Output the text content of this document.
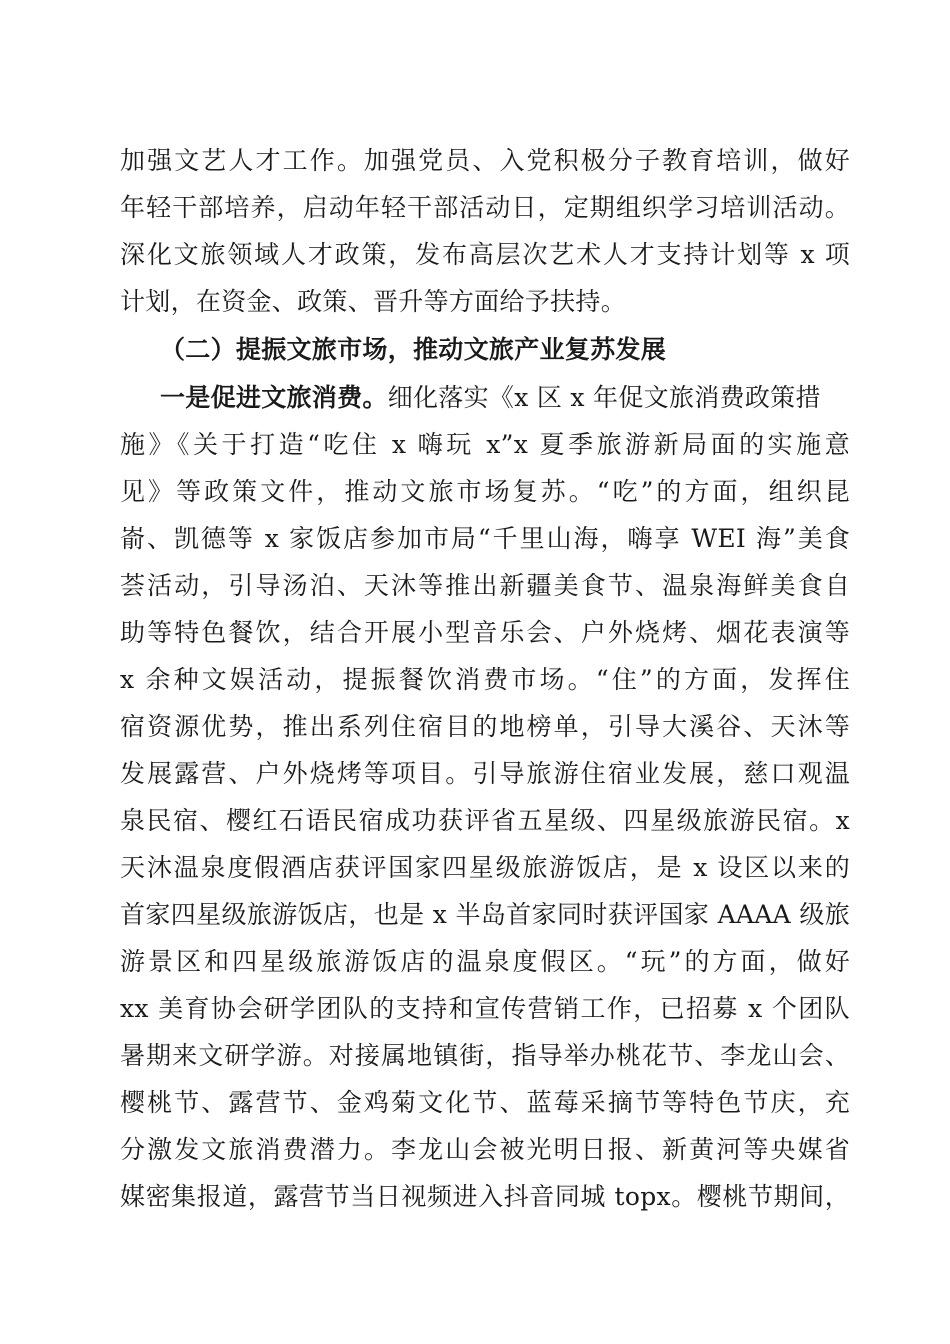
加强文艺人才工作。加强党员、入党积极分子教育培训，做好
年轻干部培养，启动年轻干部活动日，定期组织学习培训活动。
深化文旅领域人才政策，发布高层次艺术人才支持计划等 x 项
计划，在资金、政策、晋升等方面给予扶持。
（二）提振文旅市场，推动文旅产业复苏发展
一是促进文旅消费。细化落实《x 区 x 年促文旅消费政策措
施》《关于打造“吃住 x 嗨玩 x”x 夏季旅游新局面的实施意
见》等政策文件，推动文旅市场复苏。“吃”的方面，组织昆
嵛、凯德等 x 家饭店参加市局“千里山海，嗨享 WEI 海”美食
荟活动，引导汤泊、天沐等推出新疆美食节、温泉海鲜美食自
助等特色餐饮，结合开展小型音乐会、户外烧烤、烟花表演等
x 余种文娱活动，提振餐饮消费市场。“住”的方面，发挥住
宿资源优势，推出系列住宿目的地榜单，引导大溪谷、天沐等
发展露营、户外烧烤等项目。引导旅游住宿业发展，慈口观温
泉民宿、樱红石语民宿成功获评省五星级、四星级旅游民宿。x
天沐温泉度假酒店获评国家四星级旅游饭店，是 x 设区以来的
首家四星级旅游饭店，也是 x 半岛首家同时获评国家 AAAA 级旅
游景区和四星级旅游饭店的温泉度假区。“玩”的方面，做好
xx 美育协会研学团队的支持和宣传营销工作，已招募 x 个团队
暑期来文研学游。对接属地镇街，指导举办桃花节、李龙山会、
樱桃节、露营节、金鸡菊文化节、蓝莓采摘节等特色节庆，充
分激发文旅消费潜力。李龙山会被光明日报、新黄河等央媒省
媒密集报道，露营节当日视频进入抖音同城 topx。樱桃节期间，
